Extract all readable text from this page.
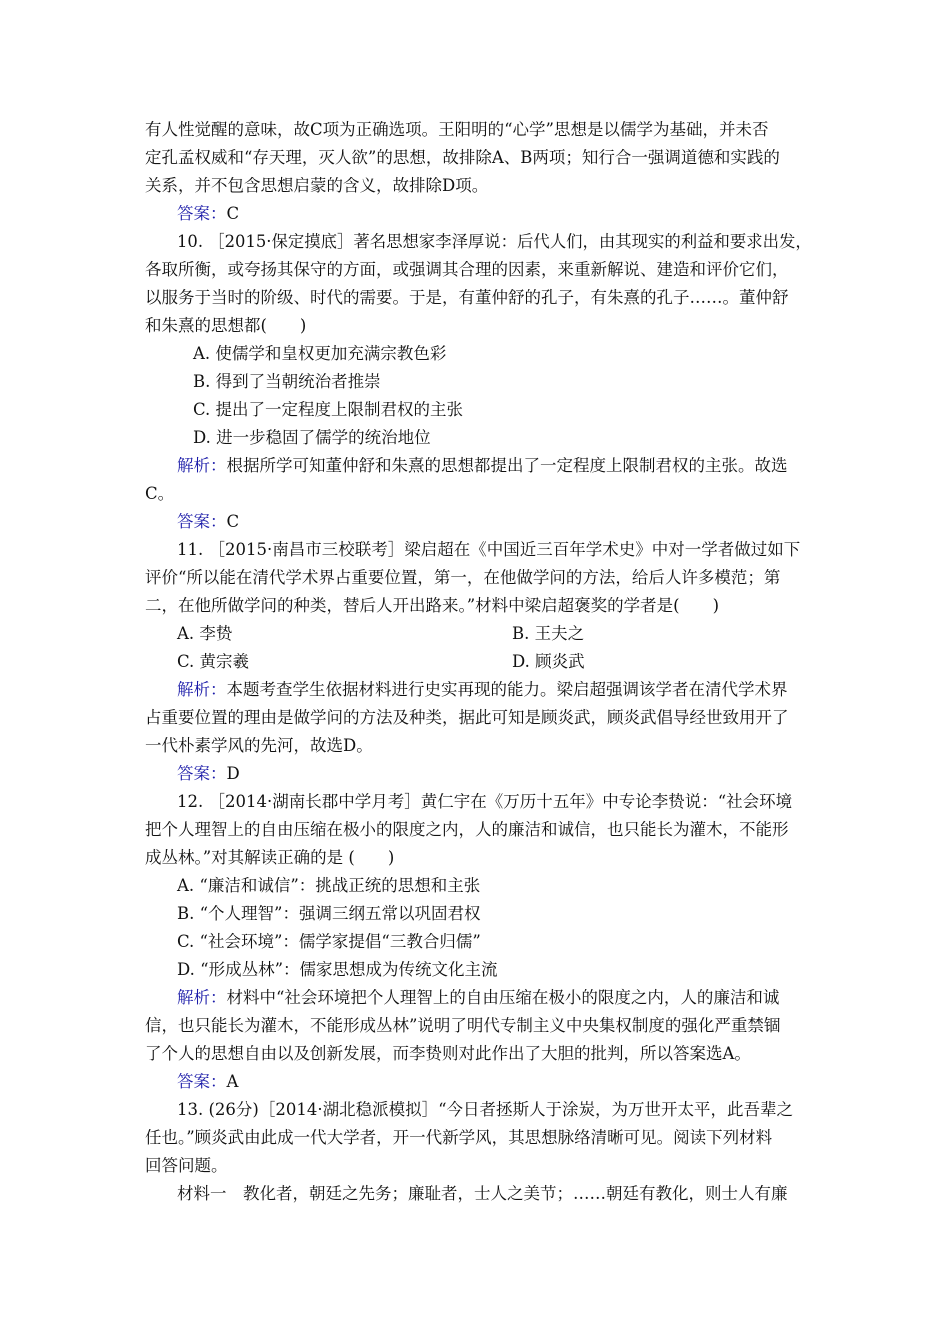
有人性觉醒的意味，故C项为正确选项。王阳明的“心学”思想是以儒学为基础，并未否
定孔孟权威和“存天理，灭人欲”的思想，故排除A、B两项；知行合一强调道德和实践的
关系，并不包含思想启蒙的含义，故排除D项。
答案：C
10. ［2015·保定摸底］著名思想家李泽厚说：后代人们，由其现实的利益和要求出发，
各取所衡，或夸扬其保守的方面，或强调其合理的因素，来重新解说、建造和评价它们，
以服务于当时的阶级、时代的需要。于是，有董仲舒的孔子，有朱熹的孔子……。董仲舒
和朱熹的思想都(　　)
A. 使儒学和皇权更加充满宗教色彩
B. 得到了当朝统治者推崇
C. 提出了一定程度上限制君权的主张
D. 进一步稳固了儒学的统治地位
解析：根据所学可知董仲舒和朱熹的思想都提出了一定程度上限制君权的主张。故选
C。
答案：C
11. ［2015·南昌市三校联考］梁启超在《中国近三百年学术史》中对一学者做过如下
评价“所以能在清代学术界占重要位置，第一，在他做学问的方法，给后人许多模范；第
二，在他所做学问的种类，替后人开出路来。”材料中梁启超褒奖的学者是(　　)
A. 李贽	B. 王夫之
C. 黄宗羲	D. 顾炎武
解析：本题考查学生依据材料进行史实再现的能力。梁启超强调该学者在清代学术界
占重要位置的理由是做学问的方法及种类，据此可知是顾炎武，顾炎武倡导经世致用开了
一代朴素学风的先河，故选D。
答案：D
12. ［2014·湖南长郡中学月考］黄仁宇在《万历十五年》中专论李贽说：“社会环境
把个人理智上的自由压缩在极小的限度之内，人的廉洁和诚信，也只能长为灌木，不能形
成丛林。”对其解读正确的是 (　　)
A. “廉洁和诚信”：挑战正统的思想和主张
B. “个人理智”：强调三纲五常以巩固君权
C. “社会环境”：儒学家提倡“三教合归儒”
D. “形成丛林”：儒家思想成为传统文化主流
解析：材料中“社会环境把个人理智上的自由压缩在极小的限度之内，人的廉洁和诚
信，也只能长为灌木，不能形成丛林”说明了明代专制主义中央集权制度的强化严重禁锢
了个人的思想自由以及创新发展，而李贽则对此作出了大胆的批判，所以答案选A。
答案：A
13. (26分)［2014·湖北稳派模拟］“今日者拯斯人于涂炭，为万世开太平，此吾辈之
任也。”顾炎武由此成一代大学者，开一代新学风，其思想脉络清晰可见。阅读下列材料
回答问题。
材料一　教化者，朝廷之先务；廉耻者，士人之美节；……朝廷有教化，则士人有廉
